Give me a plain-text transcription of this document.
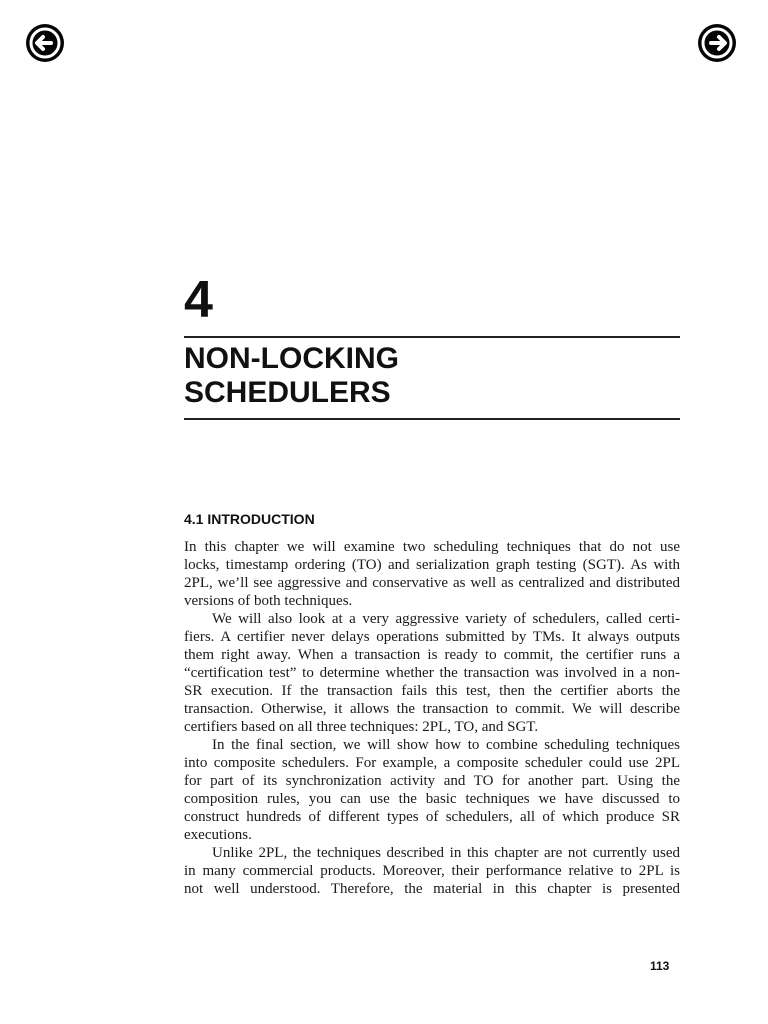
4
NON-LOCKING
SCHEDULERS
4.1 INTRODUCTION
In this chapter we will examine two scheduling techniques that do not use
locks, timestamp ordering (TO) and serialization graph testing (SGT). As with
2PL, we’ll see aggressive and conservative as well as centralized and distributed
versions of both techniques.
We will also look at a very aggressive variety of schedulers, called certi-
fiers. A certifier never delays operations submitted by TMs. It always outputs
them right away. When a transaction is ready to commit, the certifier runs a
“certification test” to determine whether the transaction was involved in a non-
SR execution. If the transaction fails this test, then the certifier aborts the
transaction. Otherwise, it allows the transaction to commit. We will describe
certifiers based on all three techniques: 2PL, TO, and SGT.
In the final section, we will show how to combine scheduling techniques
into composite schedulers. For example, a composite scheduler could use 2PL
for part of its synchronization activity and TO for another part. Using the
composition rules, you can use the basic techniques we have discussed to
construct hundreds of different types of schedulers, all of which produce SR
executions.
Unlike 2PL, the techniques described in this chapter are not currently used
in many commercial products. Moreover, their performance relative to 2PL is
not well understood. Therefore, the material in this chapter is presented
113
